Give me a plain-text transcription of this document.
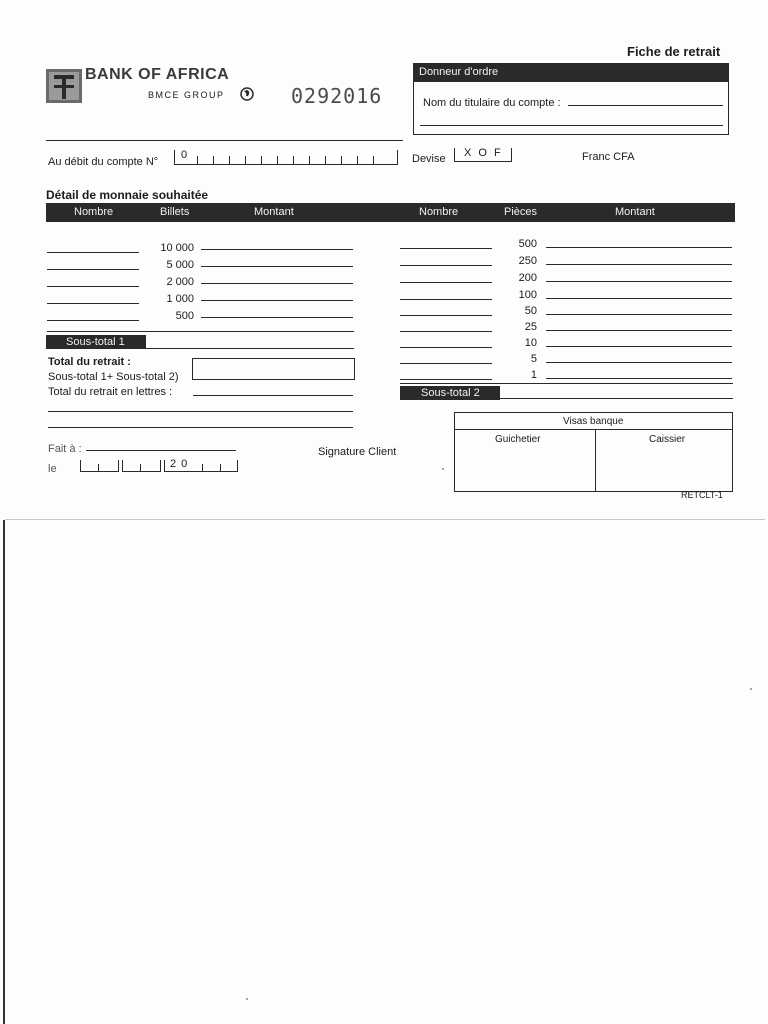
Fiche de retrait
BANK OF AFRICA
BMCE GROUP	0292016
Donneur d'ordre
Nom du titulaire du compte :
Au débit du compte N°
0	Devise X O F	Franc CFA
Détail de monnaie souhaitée
Nombre	Billets	Montant	Nombre	Pièces	Montant
10 000
5 000
2 000
1 000
500
Sous-total 1
Total du retrait :
Sous-total 1+ Sous-total 2)
Total du retrait en lettres :
500
250
200
100
50
25
10
5
1
Sous-total 2
Fait à :
le	2 0
Signature Client
Visas banque
Guichetier	Caissier
RETCLT-1
